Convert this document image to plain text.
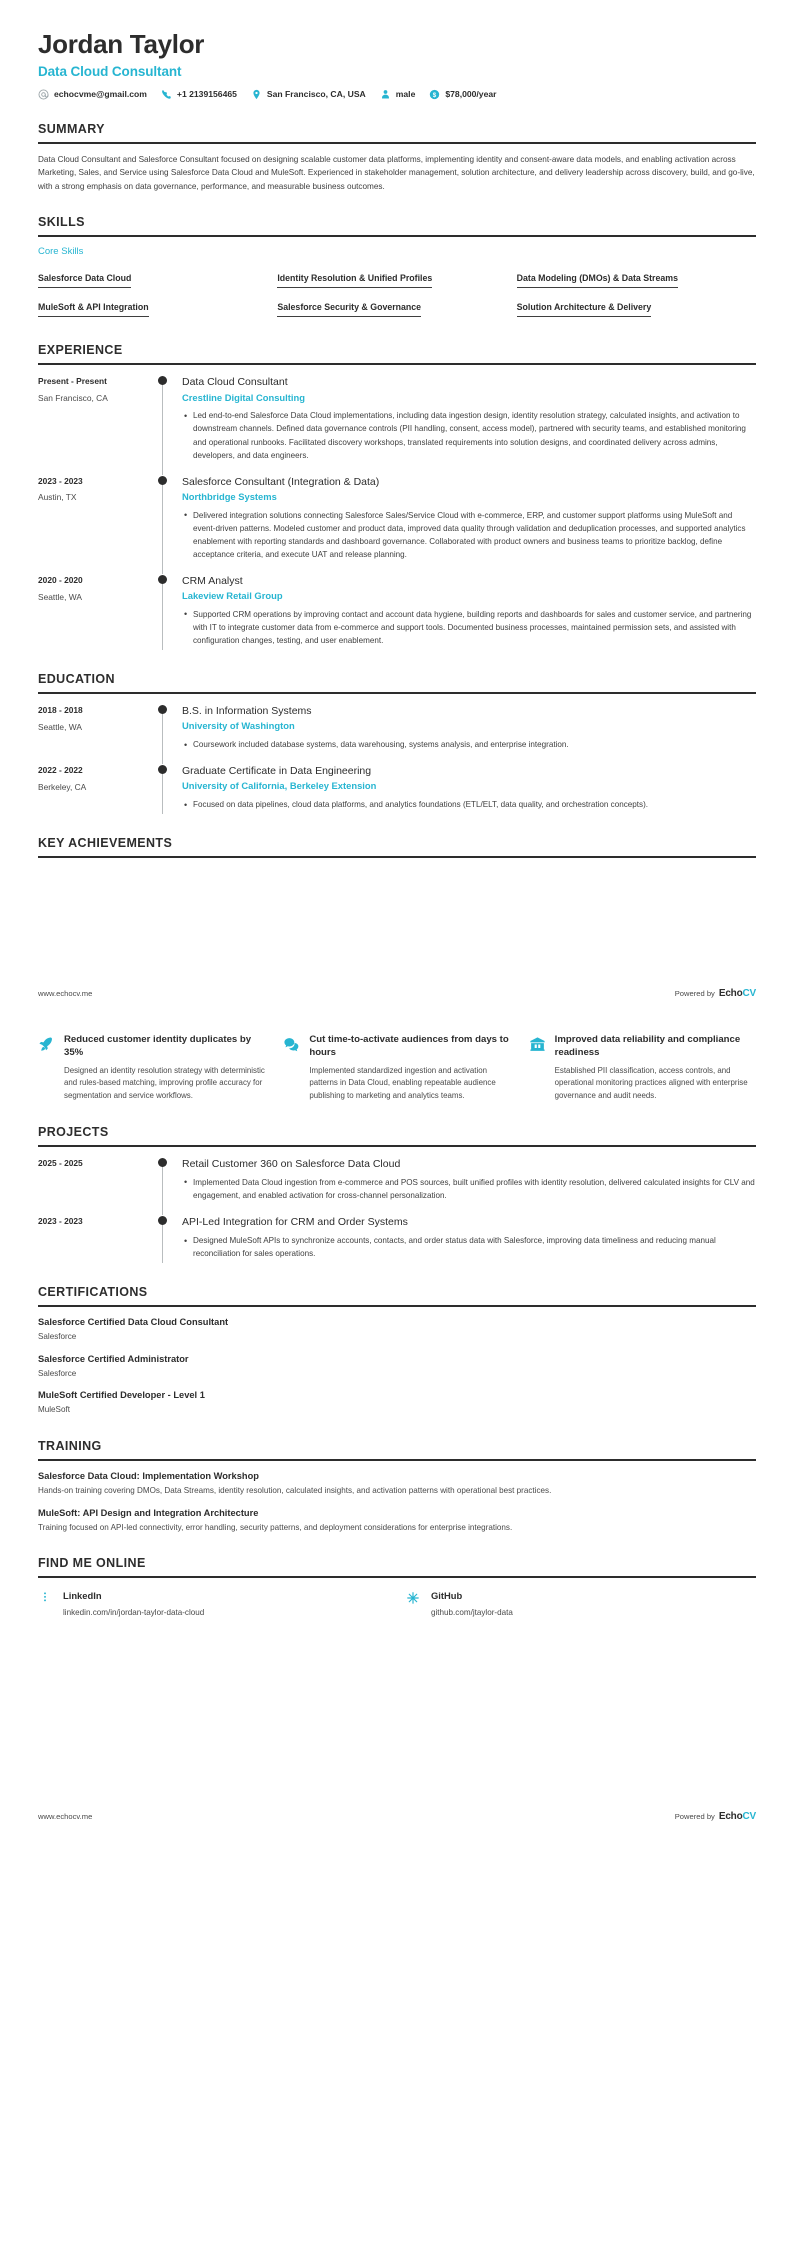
Jordan Taylor
Data Cloud Consultant
echocvme@gmail.com	+1 2139156465	San Francisco, CA, USA	male $ $78,000/year
SUMMARY
Data Cloud Consultant and Salesforce Consultant focused on designing scalable customer data platforms, implementing identity and consent-aware data models, and enabling activation across Marketing, Sales, and Service using Salesforce Data Cloud and MuleSoft. Experienced in stakeholder management, solution architecture, and delivery leadership across discovery, build, and go-live, with a strong emphasis on data governance, performance, and measurable business outcomes.
SKILLS
Core Skills
Salesforce Data Cloud	Identity Resolution & Unified Profiles	Data Modeling (DMOs) & Data Streams
MuleSoft & API Integration	Salesforce Security & Governance	Solution Architecture & Delivery
EXPERIENCE
Present - Present
San Francisco, CA
Data Cloud Consultant
Crestline Digital Consulting
• Led end-to-end Salesforce Data Cloud implementations, including data ingestion design, identity resolution strategy, calculated insights, and activation to downstream channels. Defined data governance controls (PII handling, consent, access model), partnered with security teams, and established monitoring and operational runbooks. Facilitated discovery workshops, translated requirements into solution designs, and coordinated delivery across admins, developers, and data engineers.
2023 - 2023
Austin, TX
Salesforce Consultant (Integration & Data)
Northbridge Systems
• Delivered integration solutions connecting Salesforce Sales/Service Cloud with e-commerce, ERP, and customer support platforms using MuleSoft and event-driven patterns. Modeled customer and product data, improved data quality through validation and deduplication processes, and supported analytics enablement with reporting standards and dashboard governance. Collaborated with product owners and business teams to prioritize backlog, define acceptance criteria, and execute UAT and release planning.
2020 - 2020
Seattle, WA
CRM Analyst
Lakeview Retail Group
• Supported CRM operations by improving contact and account data hygiene, building reports and dashboards for sales and customer service, and partnering with IT to integrate customer data from e-commerce and support tools. Documented business processes, maintained permission sets, and assisted with configuration changes, testing, and user enablement.
EDUCATION
2018 - 2018
Seattle, WA
B.S. in Information Systems
University of Washington
• Coursework included database systems, data warehousing, systems analysis, and enterprise integration.
2022 - 2022
Berkeley, CA
Graduate Certificate in Data Engineering
University of California, Berkeley Extension
• Focused on data pipelines, cloud data platforms, and analytics foundations (ETL/ELT, data quality, and orchestration concepts).
KEY ACHIEVEMENTS
www.echocv.me	Powered by EchoCV
Reduced customer identity duplicates by 35%
Designed an identity resolution strategy with deterministic and rules-based matching, improving profile accuracy for segmentation and service workflows.
Cut time-to-activate audiences from days to hours
Implemented standardized ingestion and activation patterns in Data Cloud, enabling repeatable audience publishing to marketing and analytics teams.
Improved data reliability and compliance readiness
Established PII classification, access controls, and operational monitoring practices aligned with enterprise governance and audit needs.
PROJECTS
2025 - 2025	Retail Customer 360 on Salesforce Data Cloud
• Implemented Data Cloud ingestion from e-commerce and POS sources, built unified profiles with identity resolution, delivered calculated insights for CLV and engagement, and enabled activation for cross-channel personalization.
2023 - 2023	API-Led Integration for CRM and Order Systems
• Designed MuleSoft APIs to synchronize accounts, contacts, and order status data with Salesforce, improving data timeliness and reducing manual reconciliation for sales operations.
CERTIFICATIONS
Salesforce Certified Data Cloud Consultant
Salesforce
Salesforce Certified Administrator
Salesforce
MuleSoft Certified Developer - Level 1
MuleSoft
TRAINING
Salesforce Data Cloud: Implementation Workshop
Hands-on training covering DMOs, Data Streams, identity resolution, calculated insights, and activation patterns with operational best practices.
MuleSoft: API Design and Integration Architecture
Training focused on API-led connectivity, error handling, security patterns, and deployment considerations for enterprise integrations.
FIND ME ONLINE
LinkedIn
linkedin.com/in/jordan-taylor-data-cloud
GitHub
github.com/jtaylor-data
www.echocv.me	Powered by EchoCV
